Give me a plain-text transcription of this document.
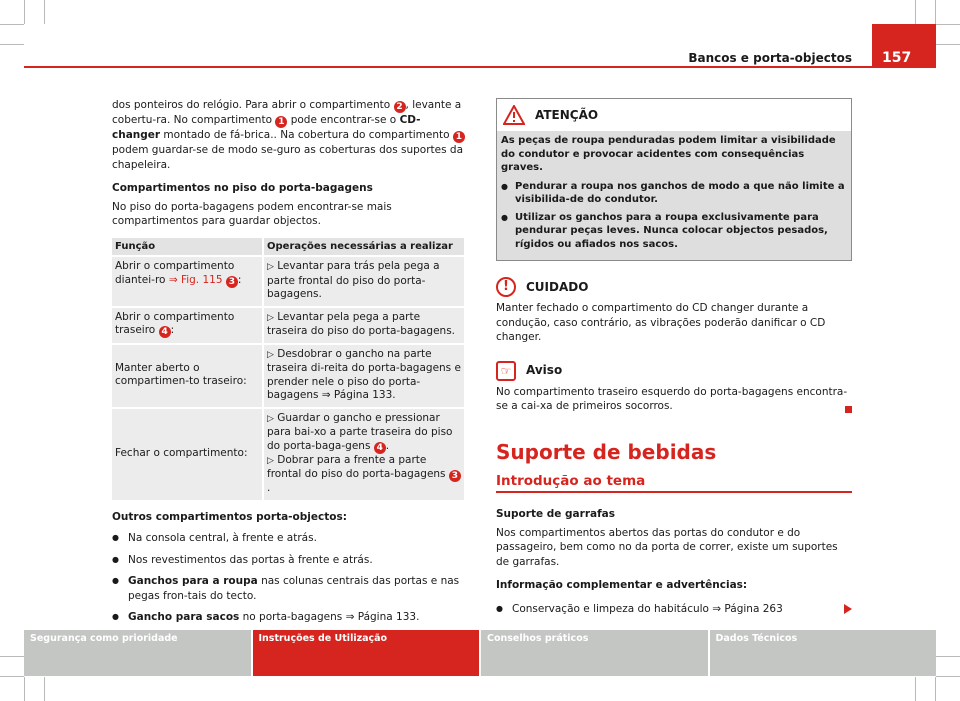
157
Bancos e porta-objectos

dos ponteiros do relógio. Para abrir o compartimento 2 , levante a cobertu-ra. No compartimento 1 pode encontrar-se o CD-changer montado de fá-brica.. Na cobertura do compartimento 1 podem guardar-se de modo se-guro as coberturas dos suportes da chapeleira.

Compartimentos no piso do porta-bagagens

No piso do porta-bagagens podem encontrar-se mais compartimentos para guardar objectos.

Função	Operações necessárias a realizar
Abrir o compartimento diantei-ro ⇒ Fig. 115 3 :	▷ Levantar para trás pela pega a parte frontal do piso do porta-bagagens.
Abrir o compartimento traseiro 4 :	▷ Levantar pela pega a parte traseira do piso do porta-bagagens.
Manter aberto o compartimen-to traseiro:	▷ Desdobrar o gancho na parte traseira di-reita do porta-bagagens e prender nele o piso do porta-bagagens ⇒ Página 133.
Fechar o compartimento:	▷ Guardar o gancho e pressionar para bai-xo a parte traseira do piso do porta-baga-gens 4 .
▷ Dobrar para a frente a parte frontal do piso do porta-bagagens 3.

Outros compartimentos porta-objectos:

● Na consola central, à frente e atrás.
● Nos revestimentos das portas à frente e atrás.
● Ganchos para a roupa nas colunas centrais das portas e nas pegas fron-tais do tecto.
● Gancho para sacos no porta-bagagens ⇒ Página 133.
ATENÇÃO

As peças de roupa penduradas podem limitar a visibilidade do condutor e provocar acidentes com consequências graves.

● Pendurar a roupa nos ganchos de modo a que não limite a visibilida-de do condutor.
● Utilizar os ganchos para a roupa exclusivamente para pendurar peças leves. Nunca colocar objectos pesados, rígidos ou afiados nos sacos.
!	CUIDADO

Manter fechado o compartimento do CD changer durante a condução, caso contrário, as vibrações poderão danificar o CD changer.

☞	Aviso

No compartimento traseiro esquerdo do porta-bagagens encontra-se a cai-xa de primeiros socorros.

Suporte de bebidas
Introdução ao tema

Suporte de garrafas

Nos compartimentos abertos das portas do condutor e do passageiro, bem como no da porta de correr, existe um suportes de garrafas.

Informação complementar e advertências:

● Conservação e limpeza do habitáculo ⇒ Página 263
Segurança como prioridade	Instruções de Utilização	Conselhos práticos	Dados Técnicos
